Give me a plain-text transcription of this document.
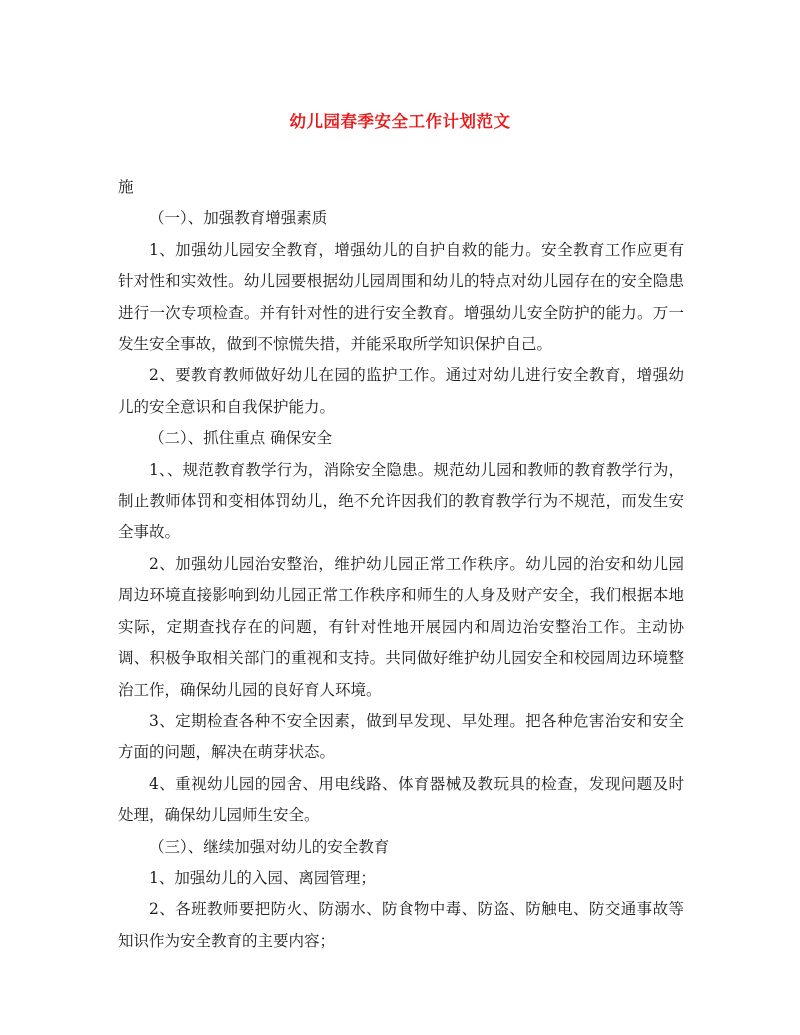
幼儿园春季安全工作计划范文

施

（一）、加强教育增强素质

1、加强幼儿园安全教育，增强幼儿的自护自救的能力。安全教育工作应更有针对性和实效性。幼儿园要根据幼儿园周围和幼儿的特点对幼儿园存在的安全隐患进行一次专项检查。并有针对性的进行安全教育。增强幼儿安全防护的能力。万一发生安全事故，做到不惊慌失措，并能采取所学知识保护自己。

2、要教育教师做好幼儿在园的监护工作。通过对幼儿进行安全教育，增强幼儿的安全意识和自我保护能力。

（二）、抓住重点 确保安全

1、、规范教育教学行为，消除安全隐患。规范幼儿园和教师的教育教学行为，制止教师体罚和变相体罚幼儿，绝不允许因我们的教育教学行为不规范，而发生安全事故。

2、加强幼儿园治安整治，维护幼儿园正常工作秩序。幼儿园的治安和幼儿园周边环境直接影响到幼儿园正常工作秩序和师生的人身及财产安全，我们根据本地实际，定期查找存在的问题，有针对性地开展园内和周边治安整治工作。主动协调、积极争取相关部门的重视和支持。共同做好维护幼儿园安全和校园周边环境整治工作，确保幼儿园的良好育人环境。

3、定期检查各种不安全因素，做到早发现、早处理。把各种危害治安和安全方面的问题，解决在萌芽状态。

4、重视幼儿园的园舍、用电线路、体育器械及教玩具的检查，发现问题及时处理，确保幼儿园师生安全。

（三）、继续加强对幼儿的安全教育

1、加强幼儿的入园、离园管理；

2、各班教师要把防火、防溺水、防食物中毒、防盗、防触电、防交通事故等知识作为安全教育的主要内容；
